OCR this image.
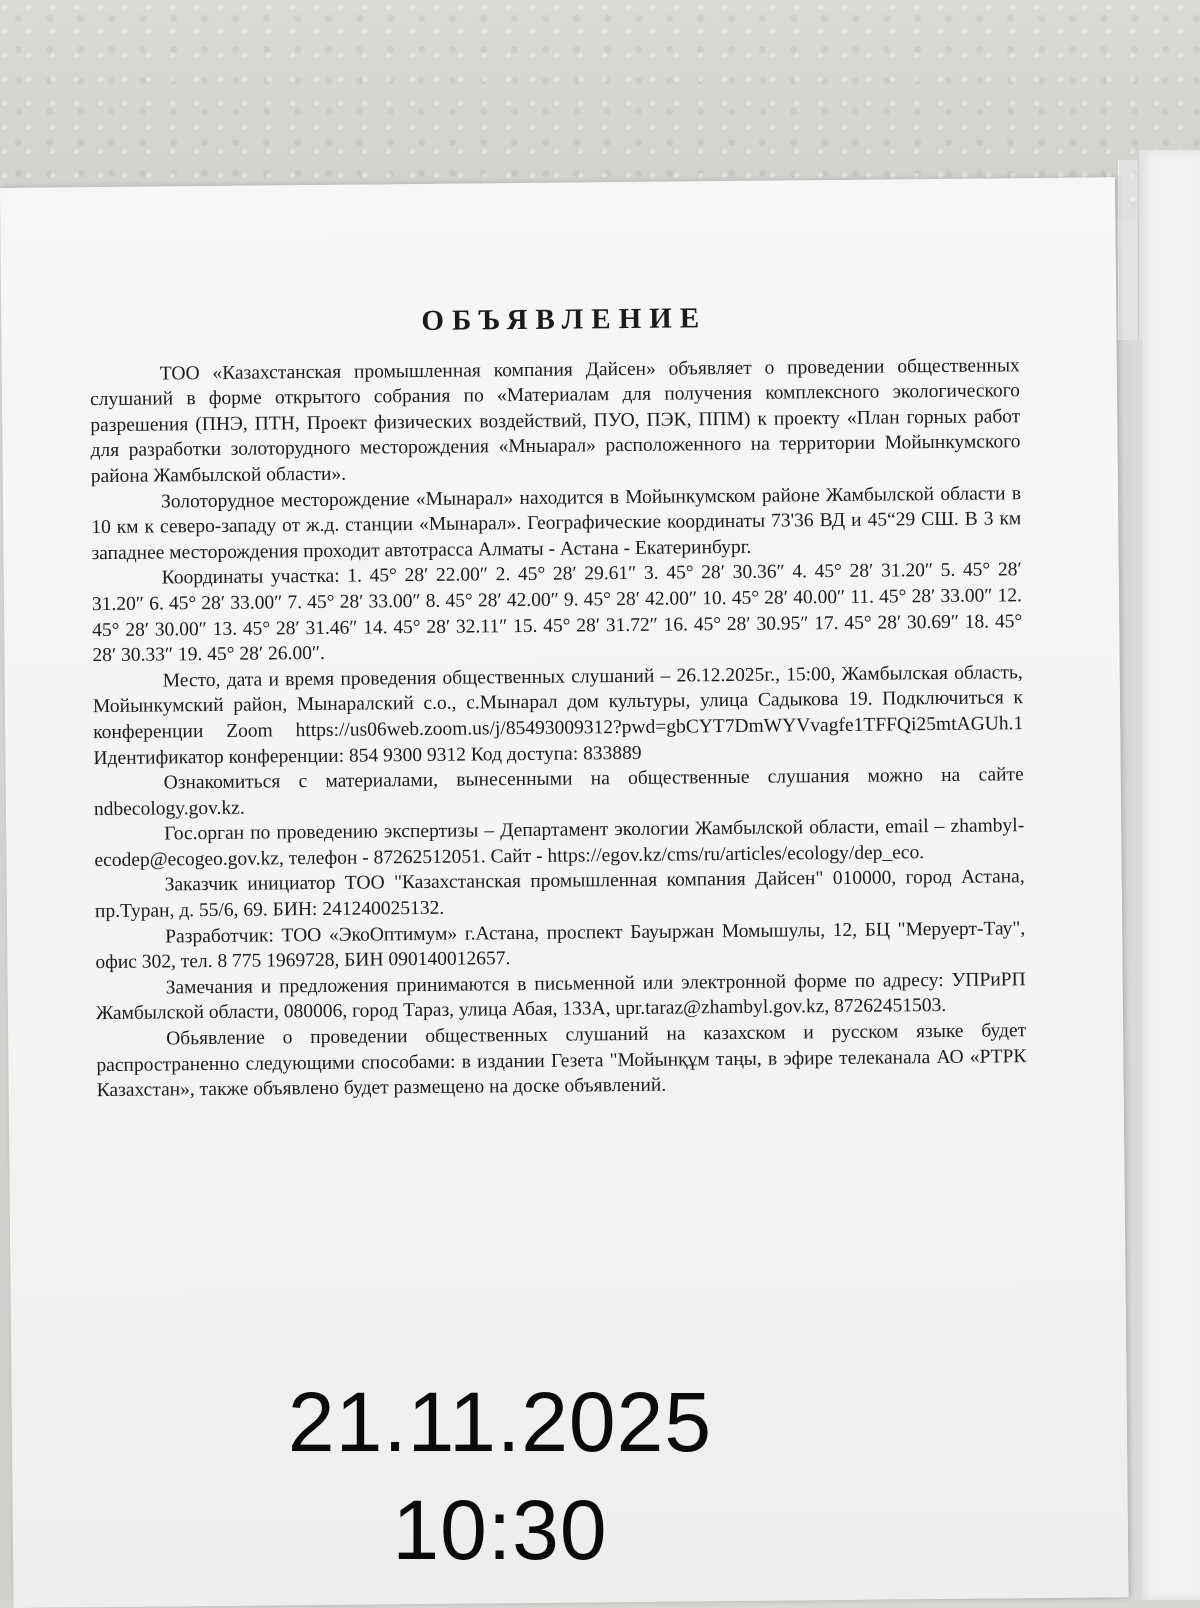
ОБЪЯВЛЕНИЕ

ТОО «Казахстанская промышленная компания Дайсен» объявляет о проведении общественных слушаний в форме открытого собрания по «Материалам для получения комплексного экологического разрешения (ПНЭ, ПТН, Проект физических воздействий, ПУО, ПЭК, ППМ) к проекту «План горных работ для разработки золоторудного месторождения «Мныарал» расположенного на территории Мойынкумского района Жамбылской области».

Золоторудное месторождение «Мынарал» находится в Мойынкумском районе Жамбылской области в 10 км к северо-западу от ж.д. станции «Мынарал». Географические координаты 73'36 ВД и 45“29 СШ. В 3 км западнее месторождения проходит автотрасса Алматы - Астана - Екатеринбург.

Координаты участка: 1. 45° 28′ 22.00″ 2. 45° 28′ 29.61″ 3. 45° 28′ 30.36″ 4. 45° 28′ 31.20″ 5. 45° 28′ 31.20″ 6. 45° 28′ 33.00″ 7. 45° 28′ 33.00″ 8. 45° 28′ 42.00″ 9. 45° 28′ 42.00″ 10. 45° 28′ 40.00″ 11. 45° 28′ 33.00″ 12. 45° 28′ 30.00″ 13. 45° 28′ 31.46″ 14. 45° 28′ 32.11″ 15. 45° 28′ 31.72″ 16. 45° 28′ 30.95″ 17. 45° 28′ 30.69″ 18. 45° 28′ 30.33″ 19. 45° 28′ 26.00″.

Место, дата и время проведения общественных слушаний – 26.12.2025г., 15:00, Жамбылская область, Мойынкумский район, Мынаралский с.о., с.Мынарал дом культуры, улица Садыкова 19. Подключиться к конференции Zoom https://us06web.zoom.us/j/85493009312?pwd=gbCYT7DmWYVvagfe1TFFQi25mtAGUh.1 Идентификатор конференции: 854 9300 9312 Код доступа: 833889

Ознакомиться с материалами, вынесенными на общественные слушания можно на сайте ndbecology.gov.kz.

Гос.орган по проведению экспертизы – Департамент экологии Жамбылской области, email – zhambyl-ecodep@ecogeo.gov.kz, телефон - 87262512051. Сайт - https://egov.kz/cms/ru/articles/ecology/dep_eco.

Заказчик инициатор ТОО "Казахстанская промышленная компания Дайсен" 010000, город Астана, пр.Туран, д. 55/6, 69. БИН: 241240025132.

Разработчик: ТОО «ЭкоОптимум» г.Астана, проспект Бауыржан Момышулы, 12, БЦ "Меруерт-Тау", офис 302, тел. 8 775 1969728, БИН 090140012657.

Замечания и предложения принимаются в письменной или электронной форме по адресу: УПРиРП Жамбылской области, 080006, город Тараз, улица Абая, 133А, upr.taraz@zhambyl.gov.kz, 87262451503.

Обьявление о проведении общественных слушаний на казахском и русском языке будет распространенно следующими способами: в издании Гезета "Мойынқұм таңы, в эфире телеканала АО «РТРК Казахстан», также объявлено будет размещено на доске объявлений.

21.11.2025
10:30
